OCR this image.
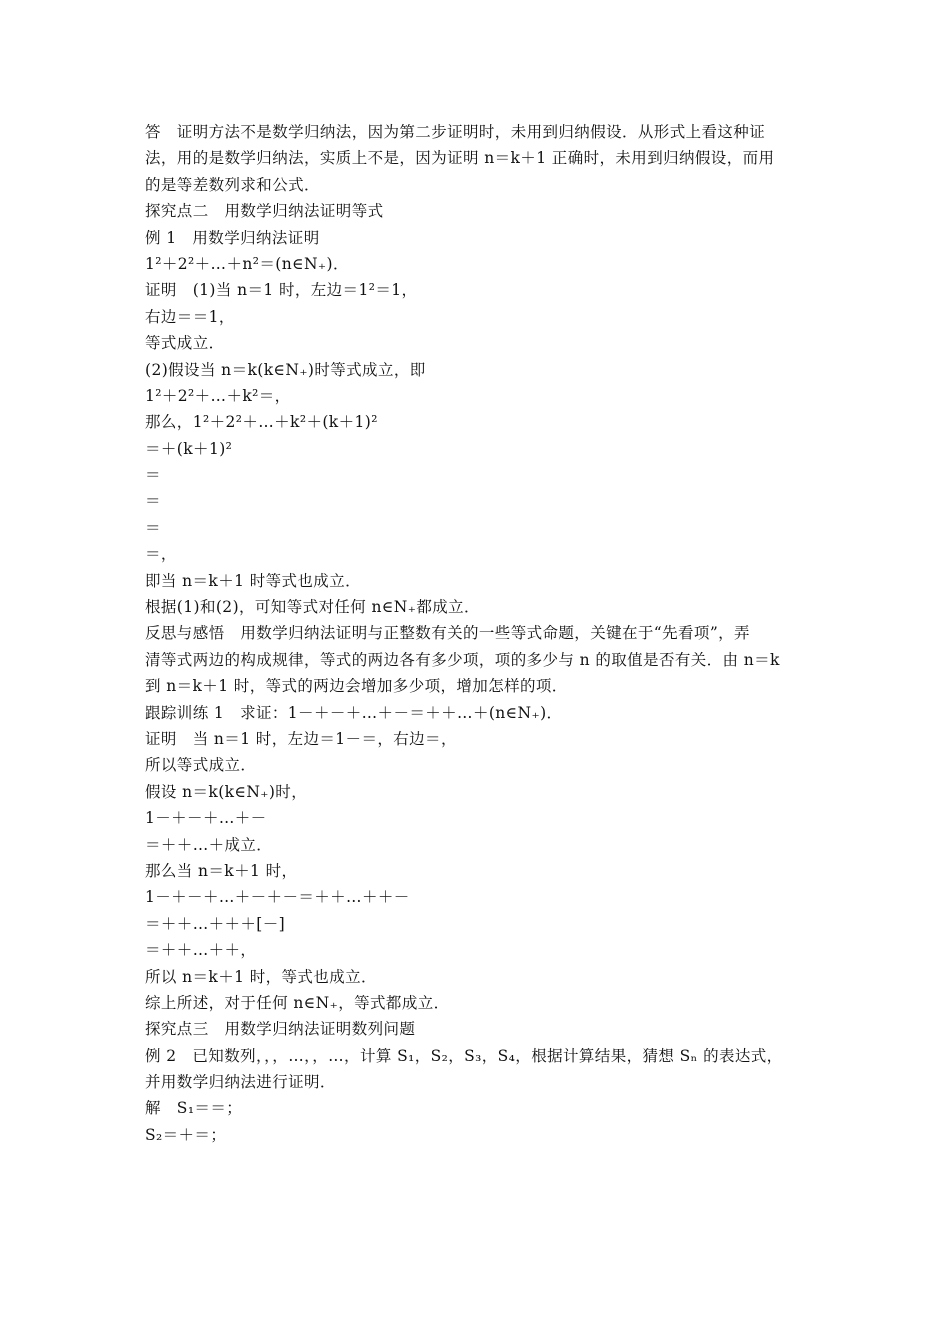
答　证明方法不是数学归纳法，因为第二步证明时，未用到归纳假设．从形式上看这种证
法，用的是数学归纳法，实质上不是，因为证明 n＝k＋1 正确时，未用到归纳假设，而用
的是等差数列求和公式．
探究点二　用数学归纳法证明等式
例 1　用数学归纳法证明
1²＋2²＋…＋n²＝(n∈N₊)．
证明　(1)当 n＝1 时，左边＝1²＝1，
右边＝＝1，
等式成立．
(2)假设当 n＝k(k∈N₊)时等式成立，即
1²＋2²＋…＋k²＝，
那么，1²＋2²＋…＋k²＋(k＋1)²
＝＋(k＋1)²
＝
＝
＝
＝，
即当 n＝k＋1 时等式也成立．
根据(1)和(2)，可知等式对任何 n∈N₊都成立．
反思与感悟　用数学归纳法证明与正整数有关的一些等式命题，关键在于“先看项”，弄
清等式两边的构成规律，等式的两边各有多少项，项的多少与 n 的取值是否有关．由 n＝k
到 n＝k＋1 时，等式的两边会增加多少项，增加怎样的项．
跟踪训练 1　求证：1－＋－＋…＋－＝＋＋…＋(n∈N₊)．
证明　当 n＝1 时，左边＝1－＝，右边＝，
所以等式成立．
假设 n＝k(k∈N₊)时，
1－＋－＋…＋－
＝＋＋…＋成立．
那么当 n＝k＋1 时，
1－＋－＋…＋－＋－＝＋＋…＋＋－
＝＋＋…＋＋＋[－]
＝＋＋…＋＋，
所以 n＝k＋1 时，等式也成立．
综上所述，对于任何 n∈N₊，等式都成立．
探究点三　用数学归纳法证明数列问题
例 2　已知数列，，，…，，…，计算 S₁，S₂，S₃，S₄，根据计算结果，猜想 Sₙ 的表达式，
并用数学归纳法进行证明．
解　S₁＝＝；
S₂＝＋＝；
